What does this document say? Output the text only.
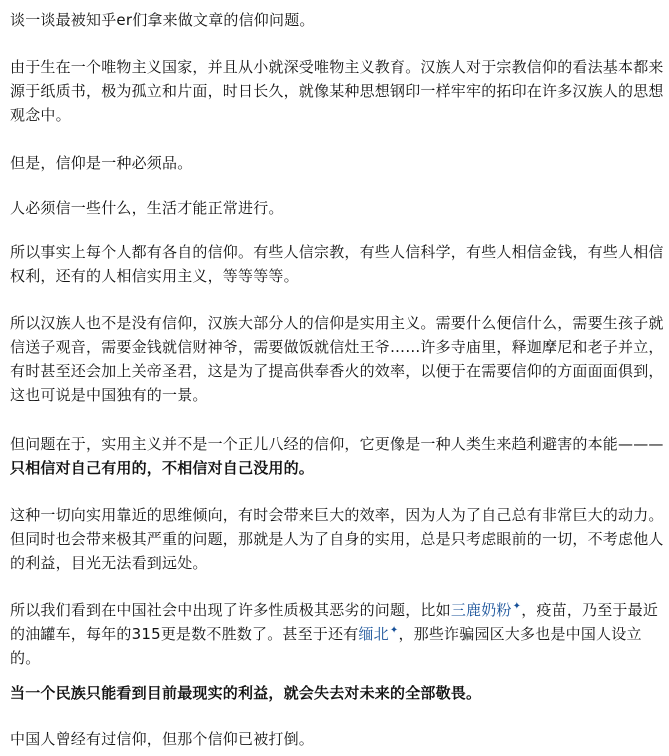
谈一谈最被知乎er们拿来做文章的信仰问题。

由于生在一个唯物主义国家，并且从小就深受唯物主义教育。汉族人对于宗教信仰的看法基本都来源于纸质书，极为孤立和片面，时日长久，就像某种思想钢印一样牢牢的拓印在许多汉族人的思想观念中。

但是，信仰是一种必须品。

人必须信一些什么，生活才能正常进行。

所以事实上每个人都有各自的信仰。有些人信宗教，有些人信科学，有些人相信金钱，有些人相信权利，还有的人相信实用主义，等等等等。

所以汉族人也不是没有信仰，汉族大部分人的信仰是实用主义。需要什么便信什么，需要生孩子就信送子观音，需要金钱就信财神爷，需要做饭就信灶王爷……许多寺庙里，释迦摩尼和老子并立，有时甚至还会加上关帝圣君，这是为了提高供奉香火的效率，以便于在需要信仰的方面面面俱到，这也可说是中国独有的一景。

但问题在于，实用主义并不是一个正儿八经的信仰，它更像是一种人类生来趋利避害的本能———只相信对自己有用的，不相信对自己没用的。

这种一切向实用靠近的思维倾向，有时会带来巨大的效率，因为人为了自己总有非常巨大的动力。但同时也会带来极其严重的问题，那就是人为了自身的实用，总是只考虑眼前的一切，不考虑他人的利益，目光无法看到远处。

所以我们看到在中国社会中出现了许多性质极其恶劣的问题，比如三鹿奶粉✦，疫苗，乃至于最近的油罐车，每年的315更是数不胜数了。甚至于还有缅北✦，那些诈骗园区大多也是中国人设立的。

当一个民族只能看到目前最现实的利益，就会失去对未来的全部敬畏。

中国人曾经有过信仰，但那个信仰已被打倒。
